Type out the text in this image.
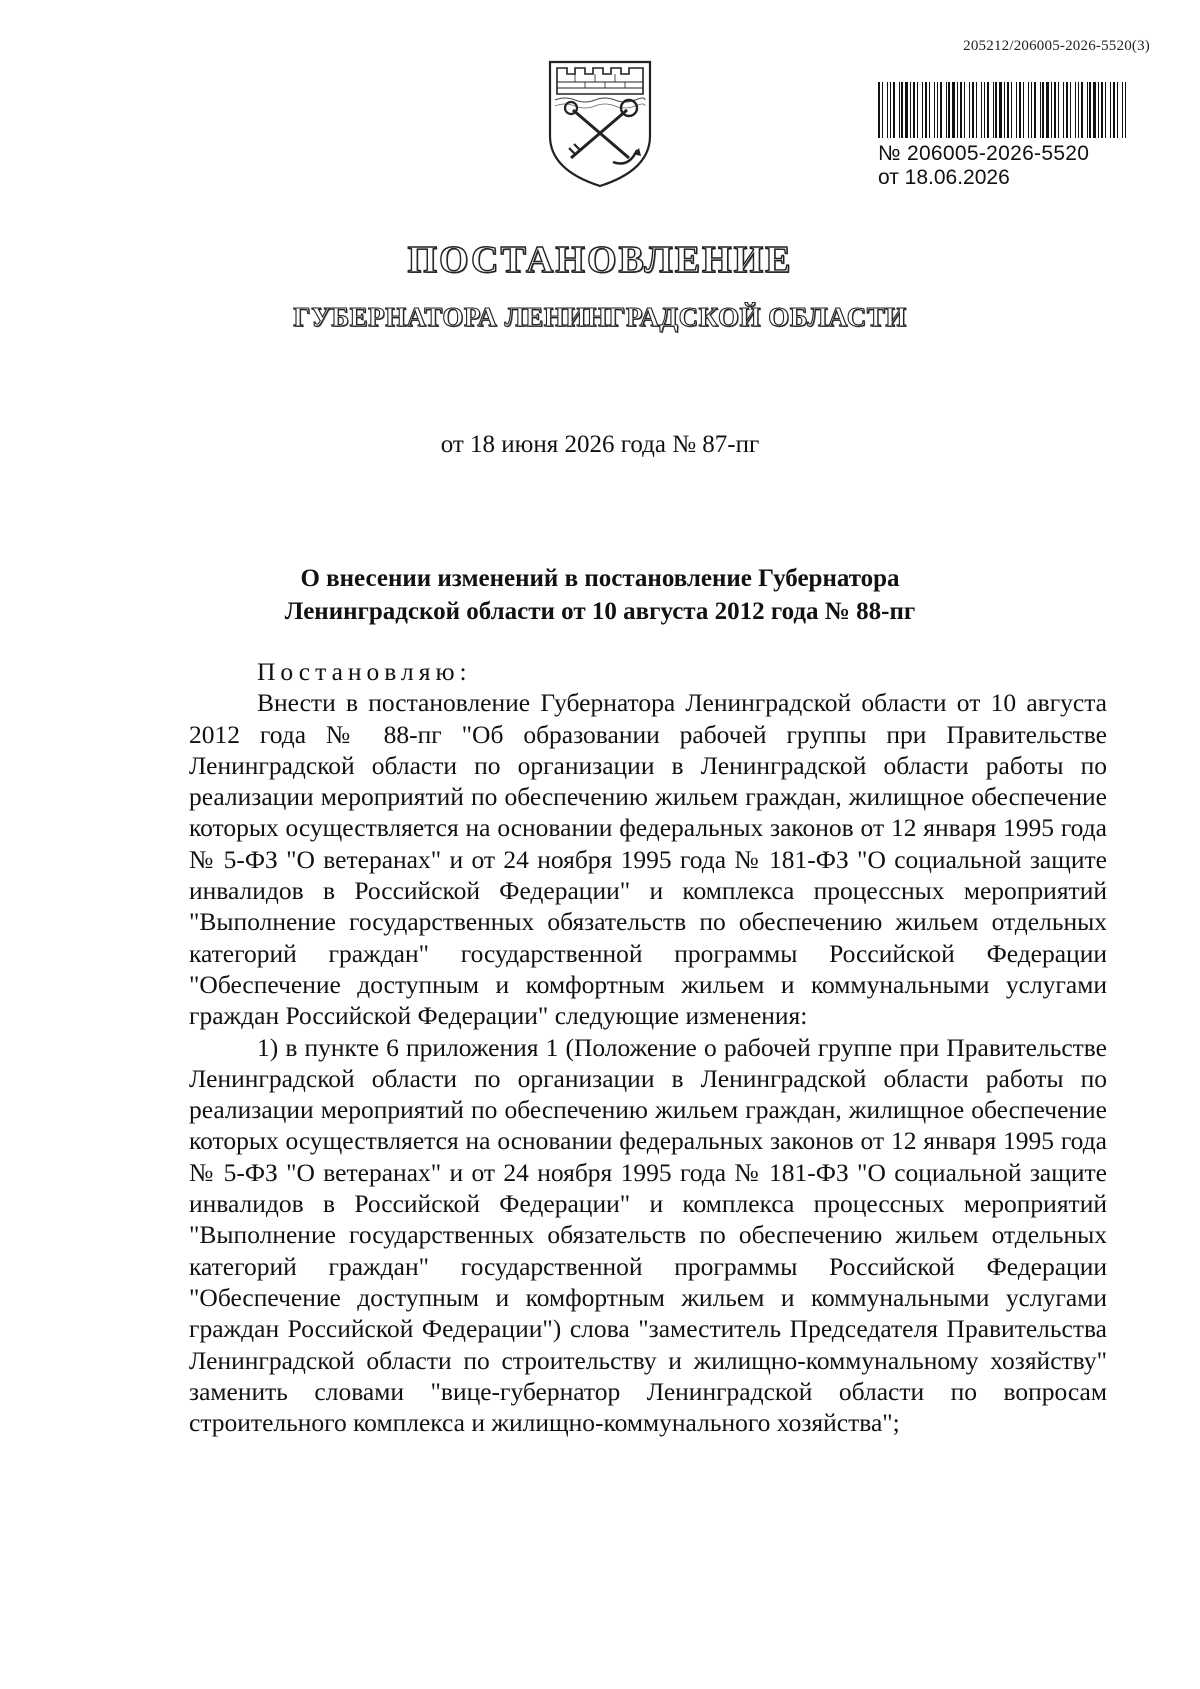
205212/206005-2026-5520(3)
№ 206005-2026-5520
от 18.06.2026
ПОСТАНОВЛЕНИЕ
ГУБЕРНАТОРА ЛЕНИНГРАДСКОЙ ОБЛАСТИ
от 18 июня 2026 года № 87-пг
О внесении изменений в постановление Губернатора
Ленинградской области от 10 августа 2012 года № 88-пг

Постановляю:

Внести в постановление Губернатора Ленинградской области от 10 августа 2012 года № 88-пг "Об образовании рабочей группы при Правительстве Ленинградской области по организации в Ленинградской области работы по реализации мероприятий по обеспечению жильем граждан, жилищное обеспечение которых осуществляется на основании федеральных законов от 12 января 1995 года № 5-ФЗ "О ветеранах" и от 24 ноября 1995 года № 181-ФЗ "О социальной защите инвалидов в Российской Федерации" и комплекса процессных мероприятий "Выполнение государственных обязательств по обеспечению жильем отдельных категорий граждан" государственной программы Российской Федерации "Обеспечение доступным и комфортным жильем и коммунальными услугами граждан Российской Федерации" следующие изменения:

1) в пункте 6 приложения 1 (Положение о рабочей группе при Правительстве Ленинградской области по организации в Ленинградской области работы по реализации мероприятий по обеспечению жильем граждан, жилищное обеспечение которых осуществляется на основании федеральных законов от 12 января 1995 года № 5-ФЗ "О ветеранах" и от 24 ноября 1995 года № 181-ФЗ "О социальной защите инвалидов в Российской Федерации" и комплекса процессных мероприятий "Выполнение государственных обязательств по обеспечению жильем отдельных категорий граждан" государственной программы Российской Федерации "Обеспечение доступным и комфортным жильем и коммунальными услугами граждан Российской Федерации") слова "заместитель Председателя Правительства Ленинградской области по строительству и жилищно-коммунальному хозяйству" заменить словами "вице-губернатор Ленинградской области по вопросам строительного комплекса и жилищно-коммунального хозяйства";
